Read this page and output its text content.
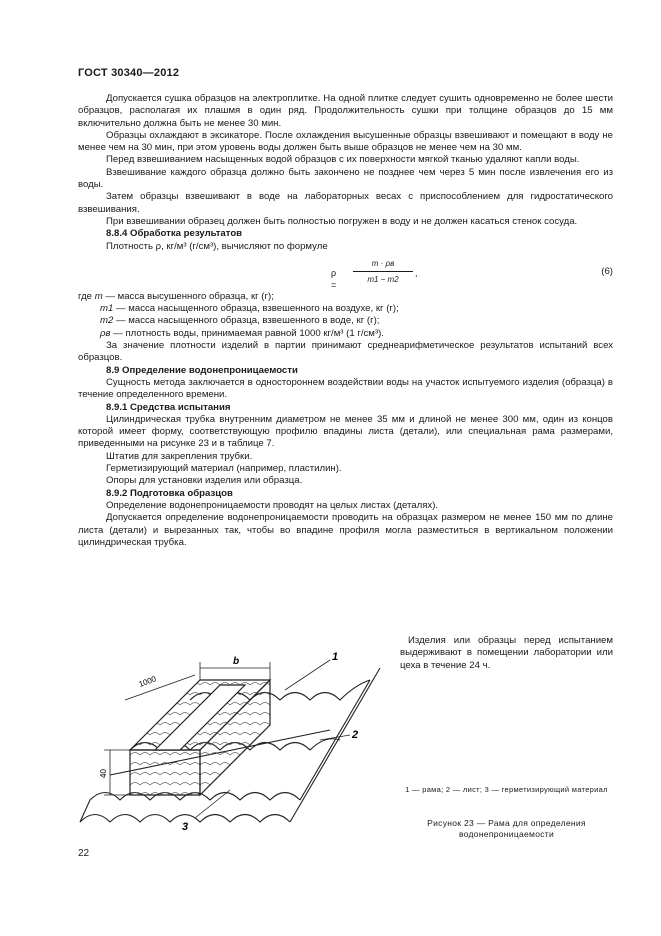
ГОСТ 30340—2012

Допускается сушка образцов на электроплитке. На одной плитке следует сушить одновременно не более шести образцов, располагая их плашмя в один ряд. Продолжительность сушки при толщине образцов до 15 мм включительно должна быть не менее 30 мин.

Образцы охлаждают в эксикаторе. После охлаждения высушенные образцы взвешивают и помещают в воду не менее чем на 30 мин, при этом уровень воды должен быть выше образцов не менее чем на 30 мм.

Перед взвешиванием насыщенных водой образцов с их поверхности мягкой тканью удаляют капли воды.

Взвешивание каждого образца должно быть закончено не позднее чем через 5 мин после извлечения его из воды.

Затем образцы взвешивают в воде на лабораторных весах с приспособлением для гидростатического взвешивания.

При взвешивании образец должен быть полностью погружен в воду и не должен касаться стенок сосуда.

8.8.4 Обработка результатов

Плотность ρ, кг/м³ (г/см³), вычисляют по формуле

ρ =
m · ρв
m1 − m2
,	(6)

где m — масса высушенного образца, кг (г);

m1 — масса насыщенного образца, взвешенного на воздухе, кг (г);

m2 — масса насыщенного образца, взвешенного в воде, кг (г);

ρв — плотность воды, принимаемая равной 1000 кг/м³ (1 г/см³).

За значение плотности изделий в партии принимают среднеарифметическое результатов испытаний всех образцов.

8.9 Определение водонепроницаемости

Сущность метода заключается в одностороннем воздействии воды на участок испытуемого изделия (образца) в течение определенного времени.

8.9.1 Средства испытания

Цилиндрическая трубка внутренним диаметром не менее 35 мм и длиной не менее 300 мм, один из концов которой имеет форму, соответствующую профилю впадины листа (детали), или специальная рама размерами, приведенными на рисунке 23 и в таблице 7.

Штатив для закрепления трубки.

Герметизирующий материал (например, пластилин).

Опоры для установки изделия или образца.

8.9.2 Подготовка образцов

Определение водонепроницаемости проводят на целых листах (деталях).

Допускается определение водонепроницаемости проводить на образцах размером не менее 150 мм по длине листа (детали) и вырезанных так, чтобы во впадине профиля могла разместиться в вертикальном положении цилиндрическая трубка.

b
1000
40
1
2
3
Изделия или образцы перед испытанием выдерживают в помещении лаборатории или цеха в течение 24 ч.
1 — рама; 2 — лист; 3 — герметизирующий материал
Рисунок 23 — Рама для определения водонепроницаемости
22
